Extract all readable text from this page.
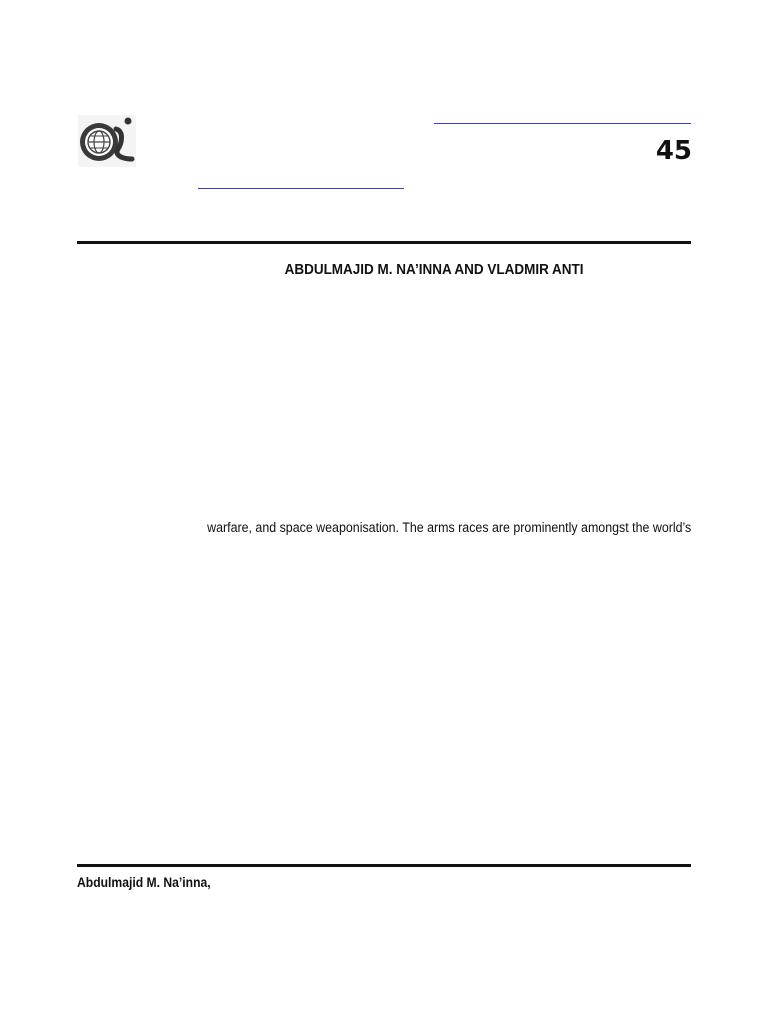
45
ABDULMAJID M. NA’INNA AND VLADMIR ANTI
warfare, and space weaponisation. The arms races are prominently amongst the world’s
Abdulmajid M. Na’inna,
